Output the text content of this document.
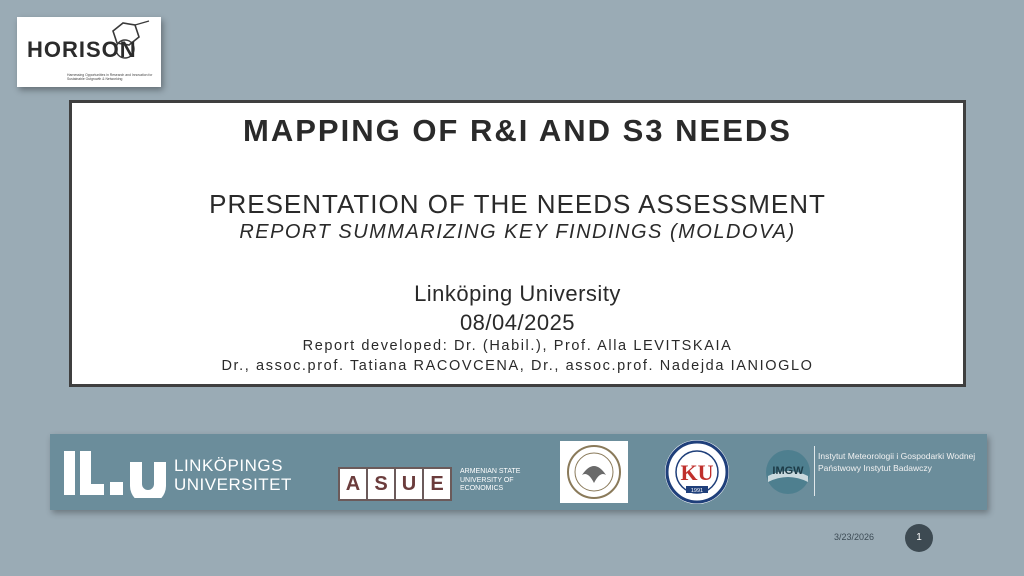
HORISON
Harnessing Opportunities in Research and Innovation for Sustainable Outgrowth & Networking
MAPPING OF R&I AND S3 NEEDS
PRESENTATION OF THE NEEDS ASSESSMENT
REPORT SUMMARIZING KEY FINDINGS (MOLDOVA)
Linköping University
08/04/2025
Report developed: Dr. (Habil.), Prof. Alla LEVITSKAIA
Dr., assoc.prof. Tatiana RACOVCENA, Dr., assoc.prof. Nadejda IANIOGLO
LINKÖPINGS
UNIVERSITET	A S U E
ARMENIAN STATE UNIVERSITY OF ECONOMICS
KU
1991
IMGW
Instytut Meteorologii i Gospodarki Wodnej
Państwowy Instytut Badawczy
3/23/2026	1
